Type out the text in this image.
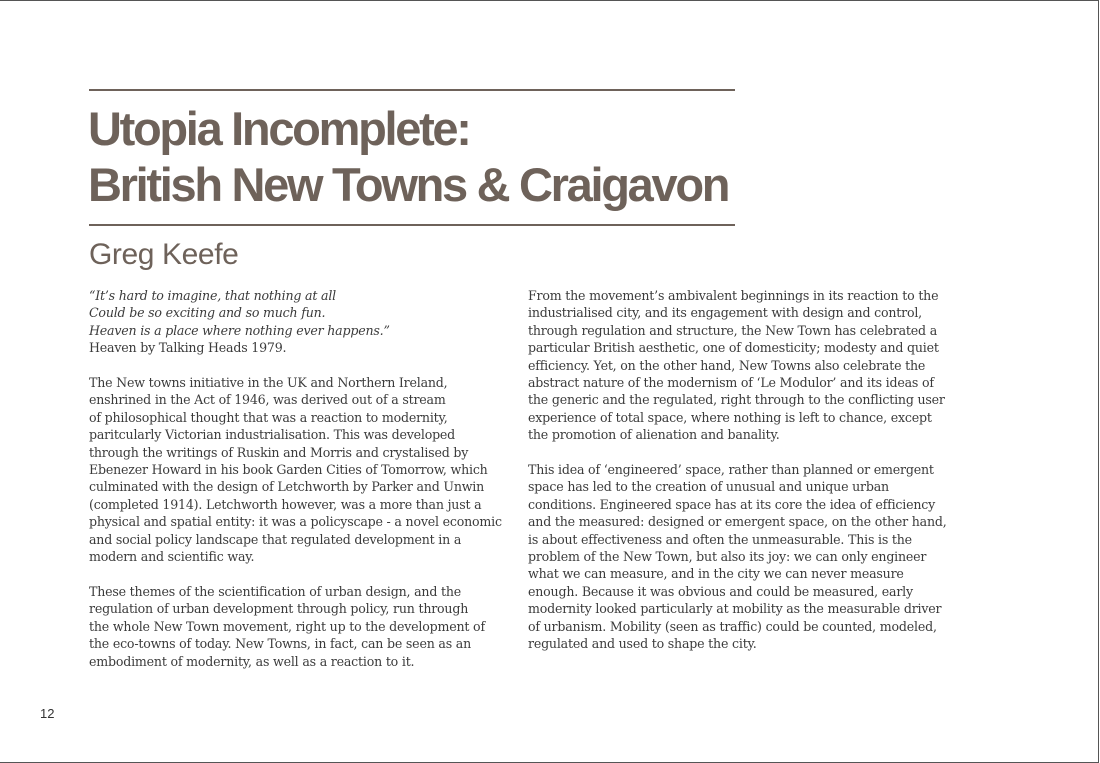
Utopia Incomplete:
British New Towns & Craigavon
Greg Keefe

“It’s hard to imagine, that nothing at all
Could be so exciting and so much fun.
Heaven is a place where nothing ever happens.”
Heaven by Talking Heads 1979.

The New towns initiative in the UK and Northern Ireland,
enshrined in the Act of 1946, was derived out of a stream
of philosophical thought that was a reaction to modernity,
paritcularly Victorian industrialisation. This was developed
through the writings of Ruskin and Morris and crystalised by
Ebenezer Howard in his book Garden Cities of Tomorrow, which
culminated with the design of Letchworth by Parker and Unwin
(completed 1914). Letchworth however, was a more than just a
physical and spatial entity: it was a policyscape - a novel economic
and social policy landscape that regulated development in a
modern and scientific way.

These themes of the scientification of urban design, and the
regulation of urban development through policy, run through
the whole New Town movement, right up to the development of
the eco-towns of today. New Towns, in fact, can be seen as an
embodiment of modernity, as well as a reaction to it.

From the movement’s ambivalent beginnings in its reaction to the
industrialised city, and its engagement with design and control,
through regulation and structure, the New Town has celebrated a
particular British aesthetic, one of domesticity; modesty and quiet
efficiency. Yet, on the other hand, New Towns also celebrate the
abstract nature of the modernism of ‘Le Modulor’ and its ideas of
the generic and the regulated, right through to the conflicting user
experience of total space, where nothing is left to chance, except
the promotion of alienation and banality.

This idea of ‘engineered’ space, rather than planned or emergent
space has led to the creation of unusual and unique urban
conditions. Engineered space has at its core the idea of efficiency
and the measured: designed or emergent space, on the other hand,
is about effectiveness and often the unmeasurable. This is the
problem of the New Town, but also its joy: we can only engineer
what we can measure, and in the city we can never measure
enough. Because it was obvious and could be measured, early
modernity looked particularly at mobility as the measurable driver
of urbanism. Mobility (seen as traffic) could be counted, modeled,
regulated and used to shape the city.

12
